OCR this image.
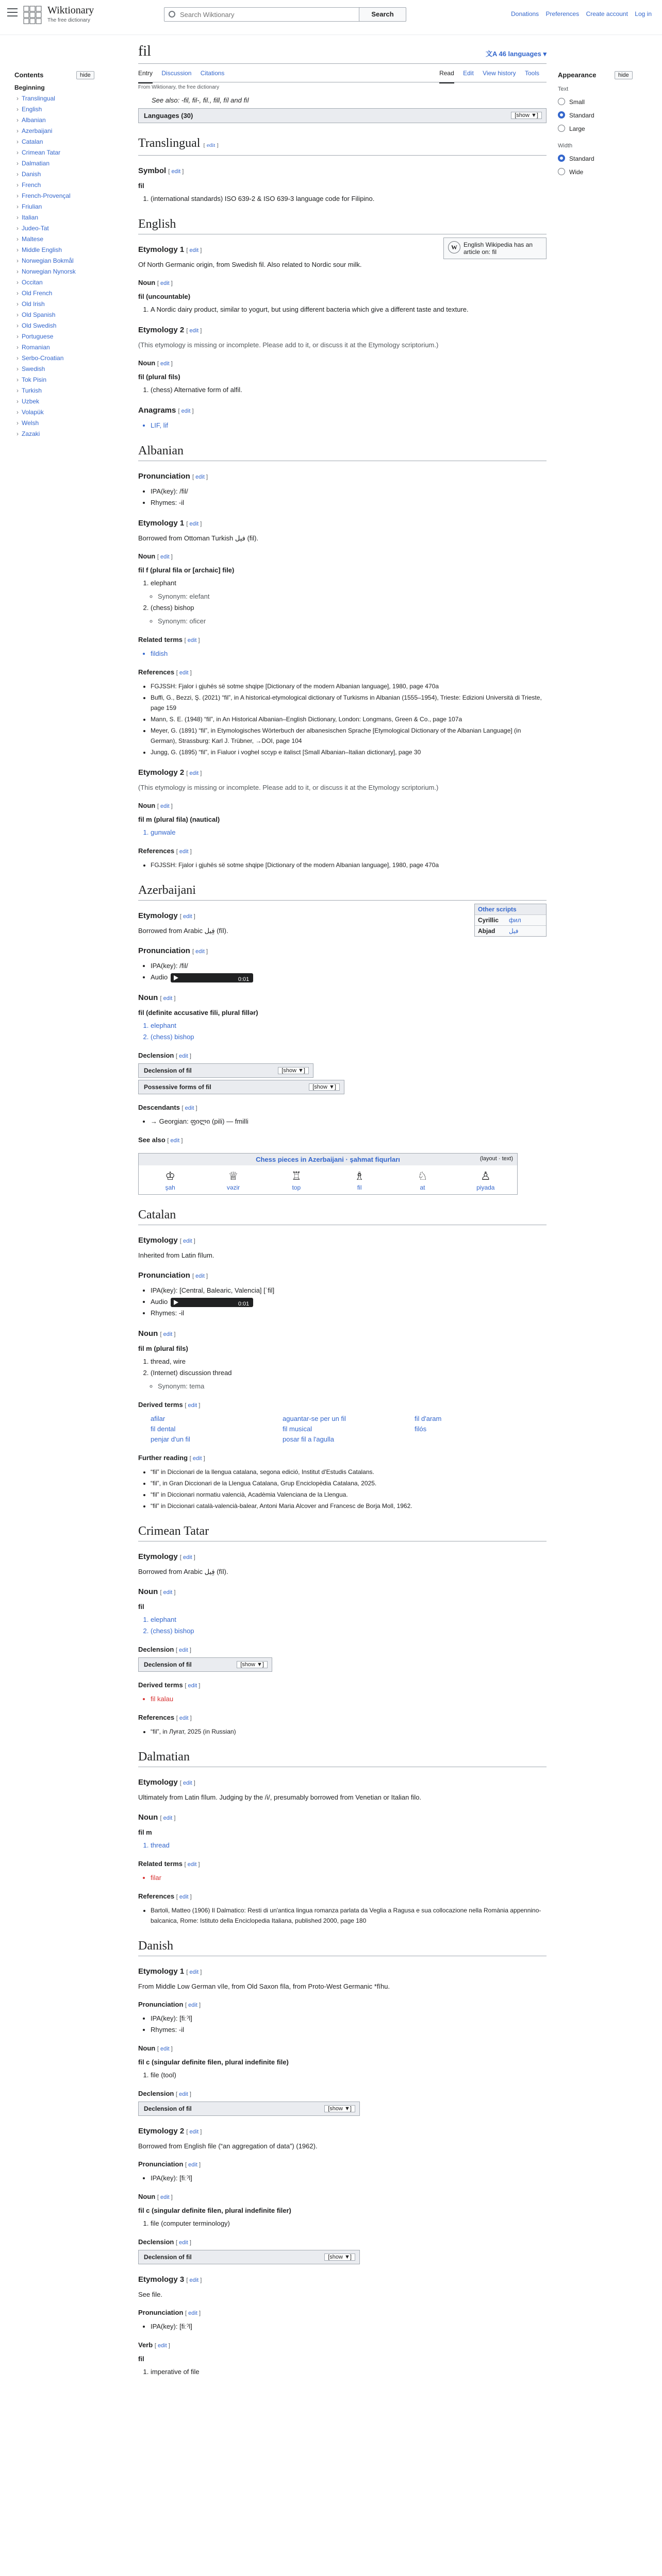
Wiktionary
The free dictionary
Search Wiktionary
Search	Donations Preferences Create account Log in
Contents	hide
Beginning
› Translingual
› English
› Albanian
› Azerbaijani
› Catalan
› Crimean Tatar
› Dalmatian
› Danish
› French
› French-Provençal
› Friulian
› Italian
› Judeo-Tat
› Maltese
› Middle English
› Norwegian Bokmål
› Norwegian Nynorsk
› Occitan
› Old French
› Old Irish
› Old Spanish
› Old Swedish
› Portuguese
› Romanian
› Serbo-Croatian
› Swedish
› Tok Pisin
› Turkish
› Uzbek
› Volapük
› Welsh
› Zazaki
Appearance	hide
Text
Small
Standard
Large
Width
Standard
Wide
fil	文A 46 languages ▾
Entry Discussion Citations	Read Edit View history Tools
From Wiktionary, the free dictionary
See also: -fil, fil-, fil., fill, fíl and fìl
Languages (30)	[show ▼]
Translingual [ edit ]
Symbol [ edit ]

fil

1. (international standards) ISO 639-2 & ISO 639-3 language code for Filipino.
English
W	English Wikipedia has an article on: fil
Etymology 1 [ edit ]

Of North Germanic origin, from Swedish fil. Also related to Nordic sour milk.

Noun [ edit ]

fil (uncountable)

1. A Nordic dairy product, similar to yogurt, but using different bacteria which give a different taste and texture.
Etymology 2 [ edit ]

(This etymology is missing or incomplete. Please add to it, or discuss it at the Etymology scriptorium.)

Noun [ edit ]

fil (plural fils)

1. (chess) Alternative form of alfil.
Anagrams [ edit ]
• LIF, lif
Albanian
Pronunciation [ edit ]
• IPA(key): /fil/
• Rhymes: -il
Etymology 1 [ edit ]

Borrowed from Ottoman Turkish فیل (fil).

Noun [ edit ]

fil f (plural fila or [archaic] file)

1. elephant
◦ Synonym: elefant
2. (chess) bishop
◦ Synonym: oficer
Related terms [ edit ]
• fildish
References [ edit ]
• FGJSSH: Fjalor i gjuhës së sotme shqipe [Dictionary of the modern Albanian language], 1980, page 470a
• Buffi, G., Bezzi, Ş. (2021) “fil”, in A historical-etymological dictionary of Turkisms in Albanian (1555–1954), Trieste: Edizioni Università di Trieste, page 159
• Mann, S. E. (1948) “fil”, in An Historical Albanian–English Dictionary, London: Longmans, Green & Co., page 107a
• Meyer, G. (1891) “fil”, in Etymologisches Wörterbuch der albanesischen Sprache [Etymological Dictionary of the Albanian Language] (in German), Strassburg: Karl J. Trübner, →DOI, page 104
• Jungg, G. (1895) “fil”, in Fialuor i voghel sccyp e italisct [Small Albanian–Italian dictionary], page 30
Etymology 2 [ edit ]

(This etymology is missing or incomplete. Please add to it, or discuss it at the Etymology scriptorium.)

Noun [ edit ]

fil m (plural fila) (nautical)

1. gunwale
References [ edit ]
• FGJSSH: Fjalor i gjuhës së sotme shqipe [Dictionary of the modern Albanian language], 1980, page 470a
Azerbaijani
Other scripts
Cyrillic фил
Abjad فیل
Etymology [ edit ]

Borrowed from Arabic فِيل (fīl).

Pronunciation [ edit ]
• IPA(key): /fil/
• Audio	0:01
Noun [ edit ]

fil (definite accusative fili, plural fillər)

1. elephant
2. (chess) bishop
Declension [ edit ]
Declension of fil	[show ▼]
Possessive forms of fil	[show ▼]
Descendants [ edit ]
• → Georgian: ფილი (pili) — fmilli
See also [ edit ]
Chess pieces in Azerbaijani · şahmat fiqurları	(layout · text)
♔
şah
♕
vəzir
♖
top
♗
fil
♘
at
♙
piyada
Catalan
Etymology [ edit ]

Inherited from Latin fīlum.

Pronunciation [ edit ]
• IPA(key): [Central, Balearic, Valencia] [ˈfil]
• Audio	0:01
• Rhymes: -il
Noun [ edit ]

fil m (plural fils)

1. thread, wire
2. (Internet) discussion thread
◦ Synonym: tema
Derived terms [ edit ]
afilar	aguantar-se per un fil	fil d'aram
fil dental	fil musical	filós
penjar d'un fil	posar fil a l'agulla
Further reading [ edit ]
• “fil” in Diccionari de la llengua catalana, segona edició, Institut d'Estudis Catalans.
• “fil”, in Gran Diccionari de la Llengua Catalana, Grup Enciclopèdia Catalana, 2025.
• “fil” in Diccionari normatiu valencià, Acadèmia Valenciana de la Llengua.
• “fil” in Diccionari català-valencià-balear, Antoni Maria Alcover and Francesc de Borja Moll, 1962.
Crimean Tatar
Etymology [ edit ]

Borrowed from Arabic فِيل (fīl).

Noun [ edit ]

fil

1. elephant
2. (chess) bishop
Declension [ edit ]
Declension of fil	[show ▼]
Derived terms [ edit ]
• fil kalau
References [ edit ]
• “fil”, in Луғат, 2025 (in Russian)
Dalmatian
Etymology [ edit ]

Ultimately from Latin fīlum. Judging by the /i/, presumably borrowed from Venetian or Italian filo.

Noun [ edit ]

fil m

1. thread
Related terms [ edit ]
• filar
References [ edit ]
• Bartoli, Matteo (1906) Il Dalmatico: Resti di un'antica lingua romanza parlata da Veglia a Ragusa e sua collocazione nella Romània appennino-balcanica, Rome: Istituto della Enciclopedia Italiana, published 2000, page 180
Danish
Etymology 1 [ edit ]

From Middle Low German vīle, from Old Saxon fīla, from Proto-West Germanic *fīhu.

Pronunciation [ edit ]
• IPA(key): [fiːˀl]
• Rhymes: -il
Noun [ edit ]

fil c (singular definite filen, plural indefinite file)

1. file (tool)
Declension [ edit ]
Declension of fil	[show ▼]
Etymology 2 [ edit ]

Borrowed from English file (“an aggregation of data”) (1962).

Pronunciation [ edit ]
• IPA(key): [fiːˀl]
Noun [ edit ]

fil c (singular definite filen, plural indefinite filer)

1. file (computer terminology)
Declension [ edit ]
Declension of fil	[show ▼]
Etymology 3 [ edit ]

See file.

Pronunciation [ edit ]
• IPA(key): [fiːˀl]
Verb [ edit ]

fil

1. imperative of file
